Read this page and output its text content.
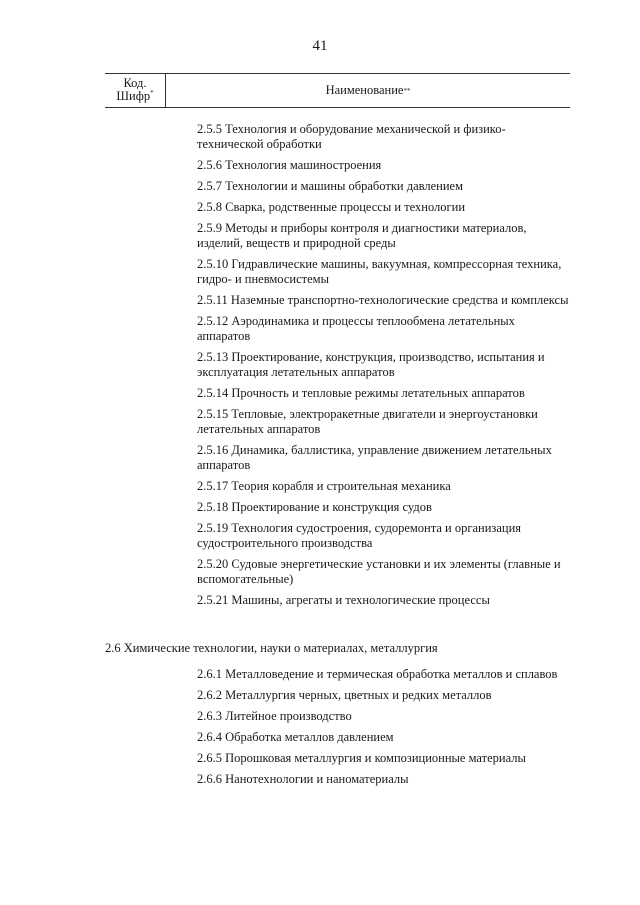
41
Код.
Шифр*	Наименование **
2.5.5 Технология и оборудование механической и физико-технической обработки
2.5.6 Технология машиностроения
2.5.7 Технологии и машины обработки давлением
2.5.8 Сварка, родственные процессы и технологии
2.5.9 Методы и приборы контроля и диагностики материалов, изделий, веществ и природной среды
2.5.10 Гидравлические машины, вакуумная, компрессорная техника, гидро- и пневмосистемы
2.5.11 Наземные транспортно-технологические средства и комплексы
2.5.12 Аэродинамика и процессы теплообмена летательных аппаратов
2.5.13 Проектирование, конструкция, производство, испытания и эксплуатация летательных аппаратов
2.5.14 Прочность и тепловые режимы летательных аппаратов
2.5.15 Тепловые, электроракетные двигатели и энергоустановки летательных аппаратов
2.5.16 Динамика, баллистика, управление движением летательных аппаратов
2.5.17 Теория корабля и строительная механика
2.5.18 Проектирование и конструкция судов
2.5.19 Технология судостроения, судоремонта и организация судостроительного производства
2.5.20 Судовые энергетические установки и их элементы (главные и вспомогательные)
2.5.21 Машины, агрегаты и технологические процессы
2.6 Химические технологии, науки о материалах, металлургия
2.6.1 Металловедение и термическая обработка металлов и сплавов
2.6.2 Металлургия черных, цветных и редких металлов
2.6.3 Литейное производство
2.6.4 Обработка металлов давлением
2.6.5 Порошковая металлургия и композиционные материалы
2.6.6 Нанотехнологии и наноматериалы
